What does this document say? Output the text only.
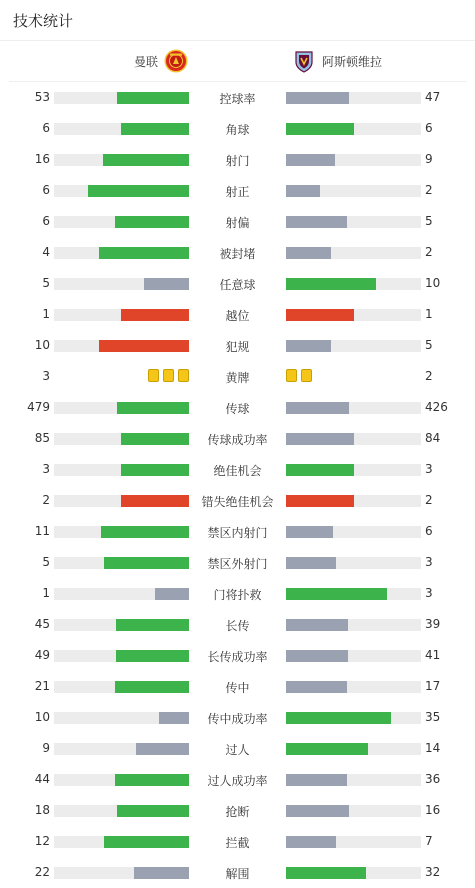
技术统计
曼联	阿斯顿维拉
53	控球率	47
6	角球	6
16	射门	9
6	射正	2
6	射偏	5
4	被封堵	2
5	任意球	10
1	越位	1
10	犯规	5
3	黄牌	2
479	传球	426
85	传球成功率	84
3	绝佳机会	3
2	错失绝佳机会	2
11	禁区内射门	6
5	禁区外射门	3
1	门将扑救	3
45	长传	39
49	长传成功率	41
21	传中	17
10	传中成功率	35
9	过人	14
44	过人成功率	36
18	抢断	16
12	拦截	7
22	解围	32
